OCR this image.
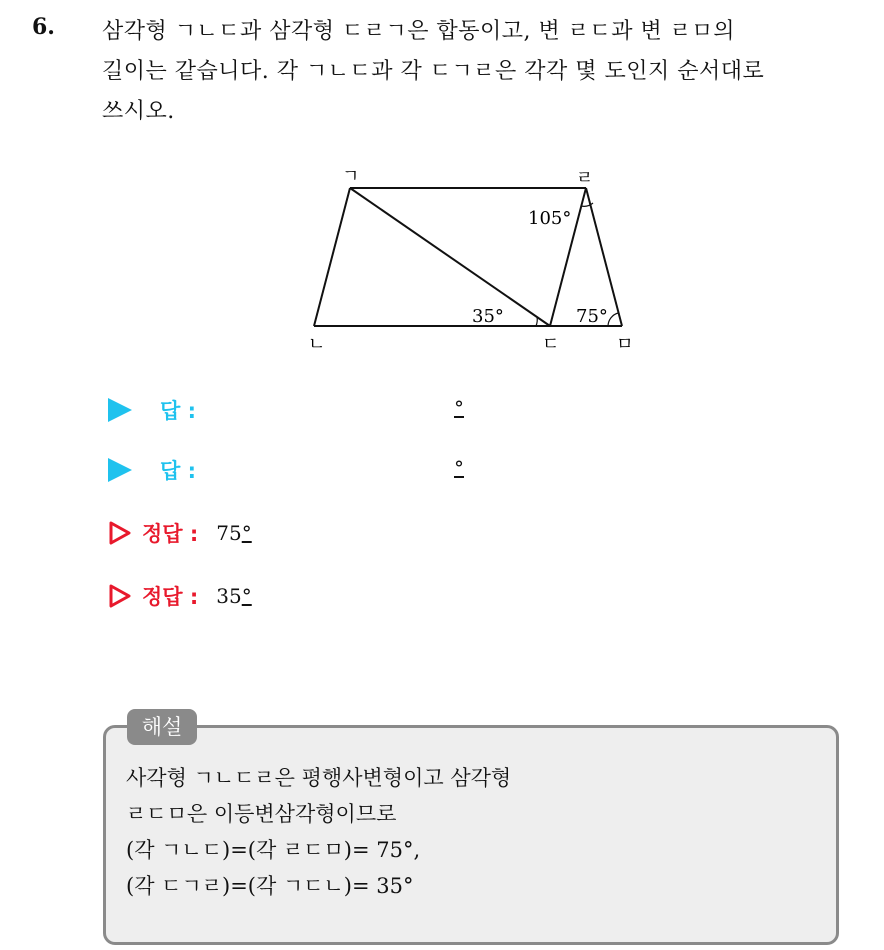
6. 삼각형 ㄱㄴㄷ과 삼각형 ㄷㄹㄱ은 합동이고, 변 ㄹㄷ과 변 ㄹㅁ의

길이는 같습니다. 각 ㄱㄴㄷ과 각 ㄷㄱㄹ은 각각 몇 도인지 순서대로

쓰시오.

ㄱ	ㄹ
ㄴ	ㄷ	ㅁ
105°
35°	75°
답 :	°
답 :	°
정답 : 75°
정답 : 35°
해설
사각형 ㄱㄴㄷㄹ은 평행사변형이고 삼각형
ㄹㄷㅁ은 이등변삼각형이므로
(각 ㄱㄴㄷ)=(각 ㄹㄷㅁ)= 75°,
(각 ㄷㄱㄹ)=(각 ㄱㄷㄴ)= 35°
